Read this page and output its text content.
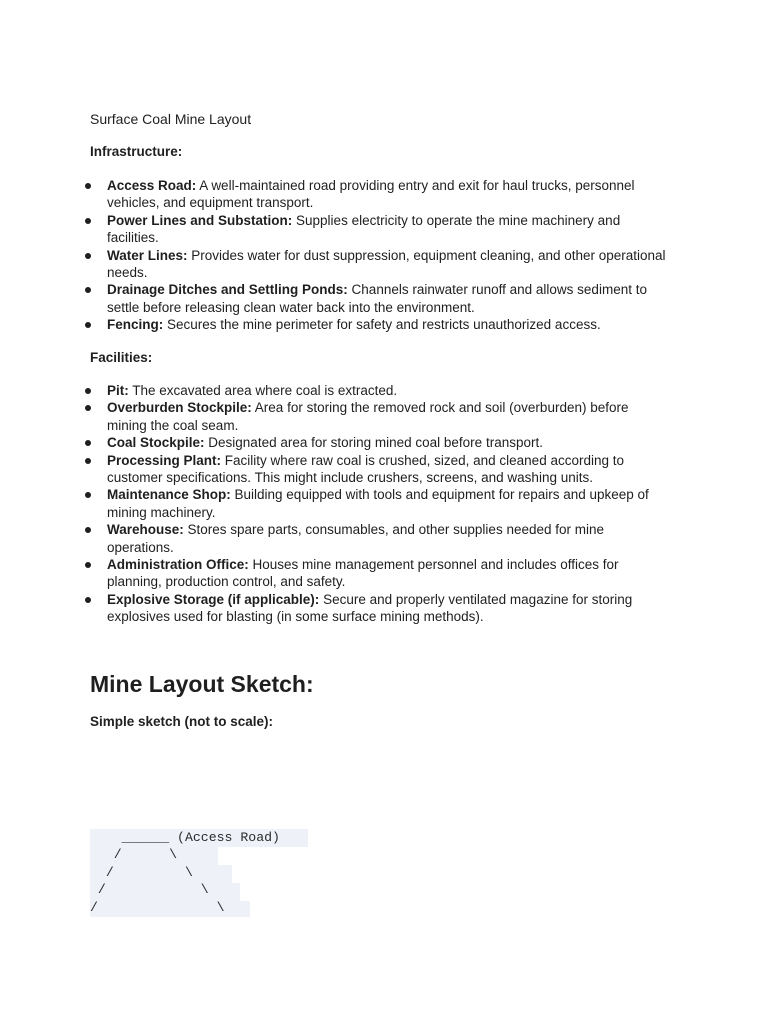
Surface Coal Mine Layout

Infrastructure:

Access Road: A well-maintained road providing entry and exit for haul trucks, personnel vehicles, and equipment transport.
Power Lines and Substation: Supplies electricity to operate the mine machinery and facilities.
Water Lines: Provides water for dust suppression, equipment cleaning, and other operational needs.
Drainage Ditches and Settling Ponds: Channels rainwater runoff and allows sediment to settle before releasing clean water back into the environment.
Fencing: Secures the mine perimeter for safety and restricts unauthorized access.

Facilities:

Pit: The excavated area where coal is extracted.
Overburden Stockpile: Area for storing the removed rock and soil (overburden) before mining the coal seam.
Coal Stockpile: Designated area for storing mined coal before transport.
Processing Plant: Facility where raw coal is crushed, sized, and cleaned according to customer specifications. This might include crushers, screens, and washing units.
Maintenance Shop: Building equipped with tools and equipment for repairs and upkeep of mining machinery.
Warehouse: Stores spare parts, consumables, and other supplies needed for mine operations.
Administration Office: Houses mine management personnel and includes offices for planning, production control, and safety.
Explosive Storage (if applicable): Secure and properly ventilated magazine for storing explosives used for blasting (in some surface mining methods).
Mine Layout Sketch:

Simple sketch (not to scale):

______ (Access Road)
/      \
/         \
/            \
/               \
